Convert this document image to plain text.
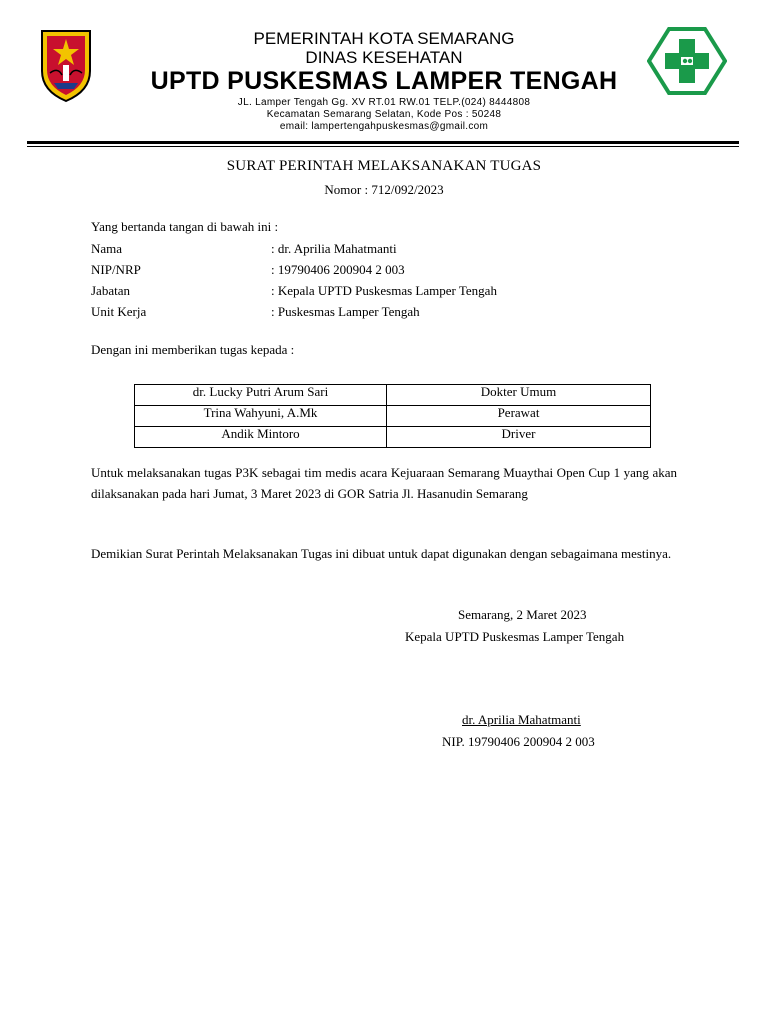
PEMERINTAH KOTA SEMARANG
DINAS KESEHATAN
UPTD PUSKESMAS LAMPER TENGAH
JL. Lamper Tengah Gg. XV RT.01 RW.01 TELP.(024) 8444808
Kecamatan Semarang Selatan, Kode Pos : 50248
email: lampertengahpuskesmas@gmail.com
SURAT PERINTAH MELAKSANAKAN TUGAS
Nomor : 712/092/2023
Yang bertanda tangan di bawah ini :
Nama	: dr. Aprilia Mahatmanti
NIP/NRP	: 19790406 200904 2 003
Jabatan	: Kepala UPTD Puskesmas Lamper Tengah
Unit Kerja	: Puskesmas Lamper Tengah
Dengan ini memberikan tugas kepada :
dr. Lucky Putri Arum Sari	Dokter Umum
Trina Wahyuni, A.Mk	Perawat
Andik Mintoro	Driver
Untuk melaksanakan tugas P3K sebagai tim medis acara Kejuaraan Semarang Muaythai Open Cup 1 yang akan dilaksanakan pada hari Jumat, 3 Maret 2023 di GOR Satria Jl. Hasanudin Semarang
Demikian Surat Perintah Melaksanakan Tugas ini dibuat untuk dapat digunakan dengan sebagaimana mestinya.
Semarang, 2 Maret 2023
Kepala UPTD Puskesmas Lamper Tengah
dr. Aprilia Mahatmanti
NIP. 19790406 200904 2 003
